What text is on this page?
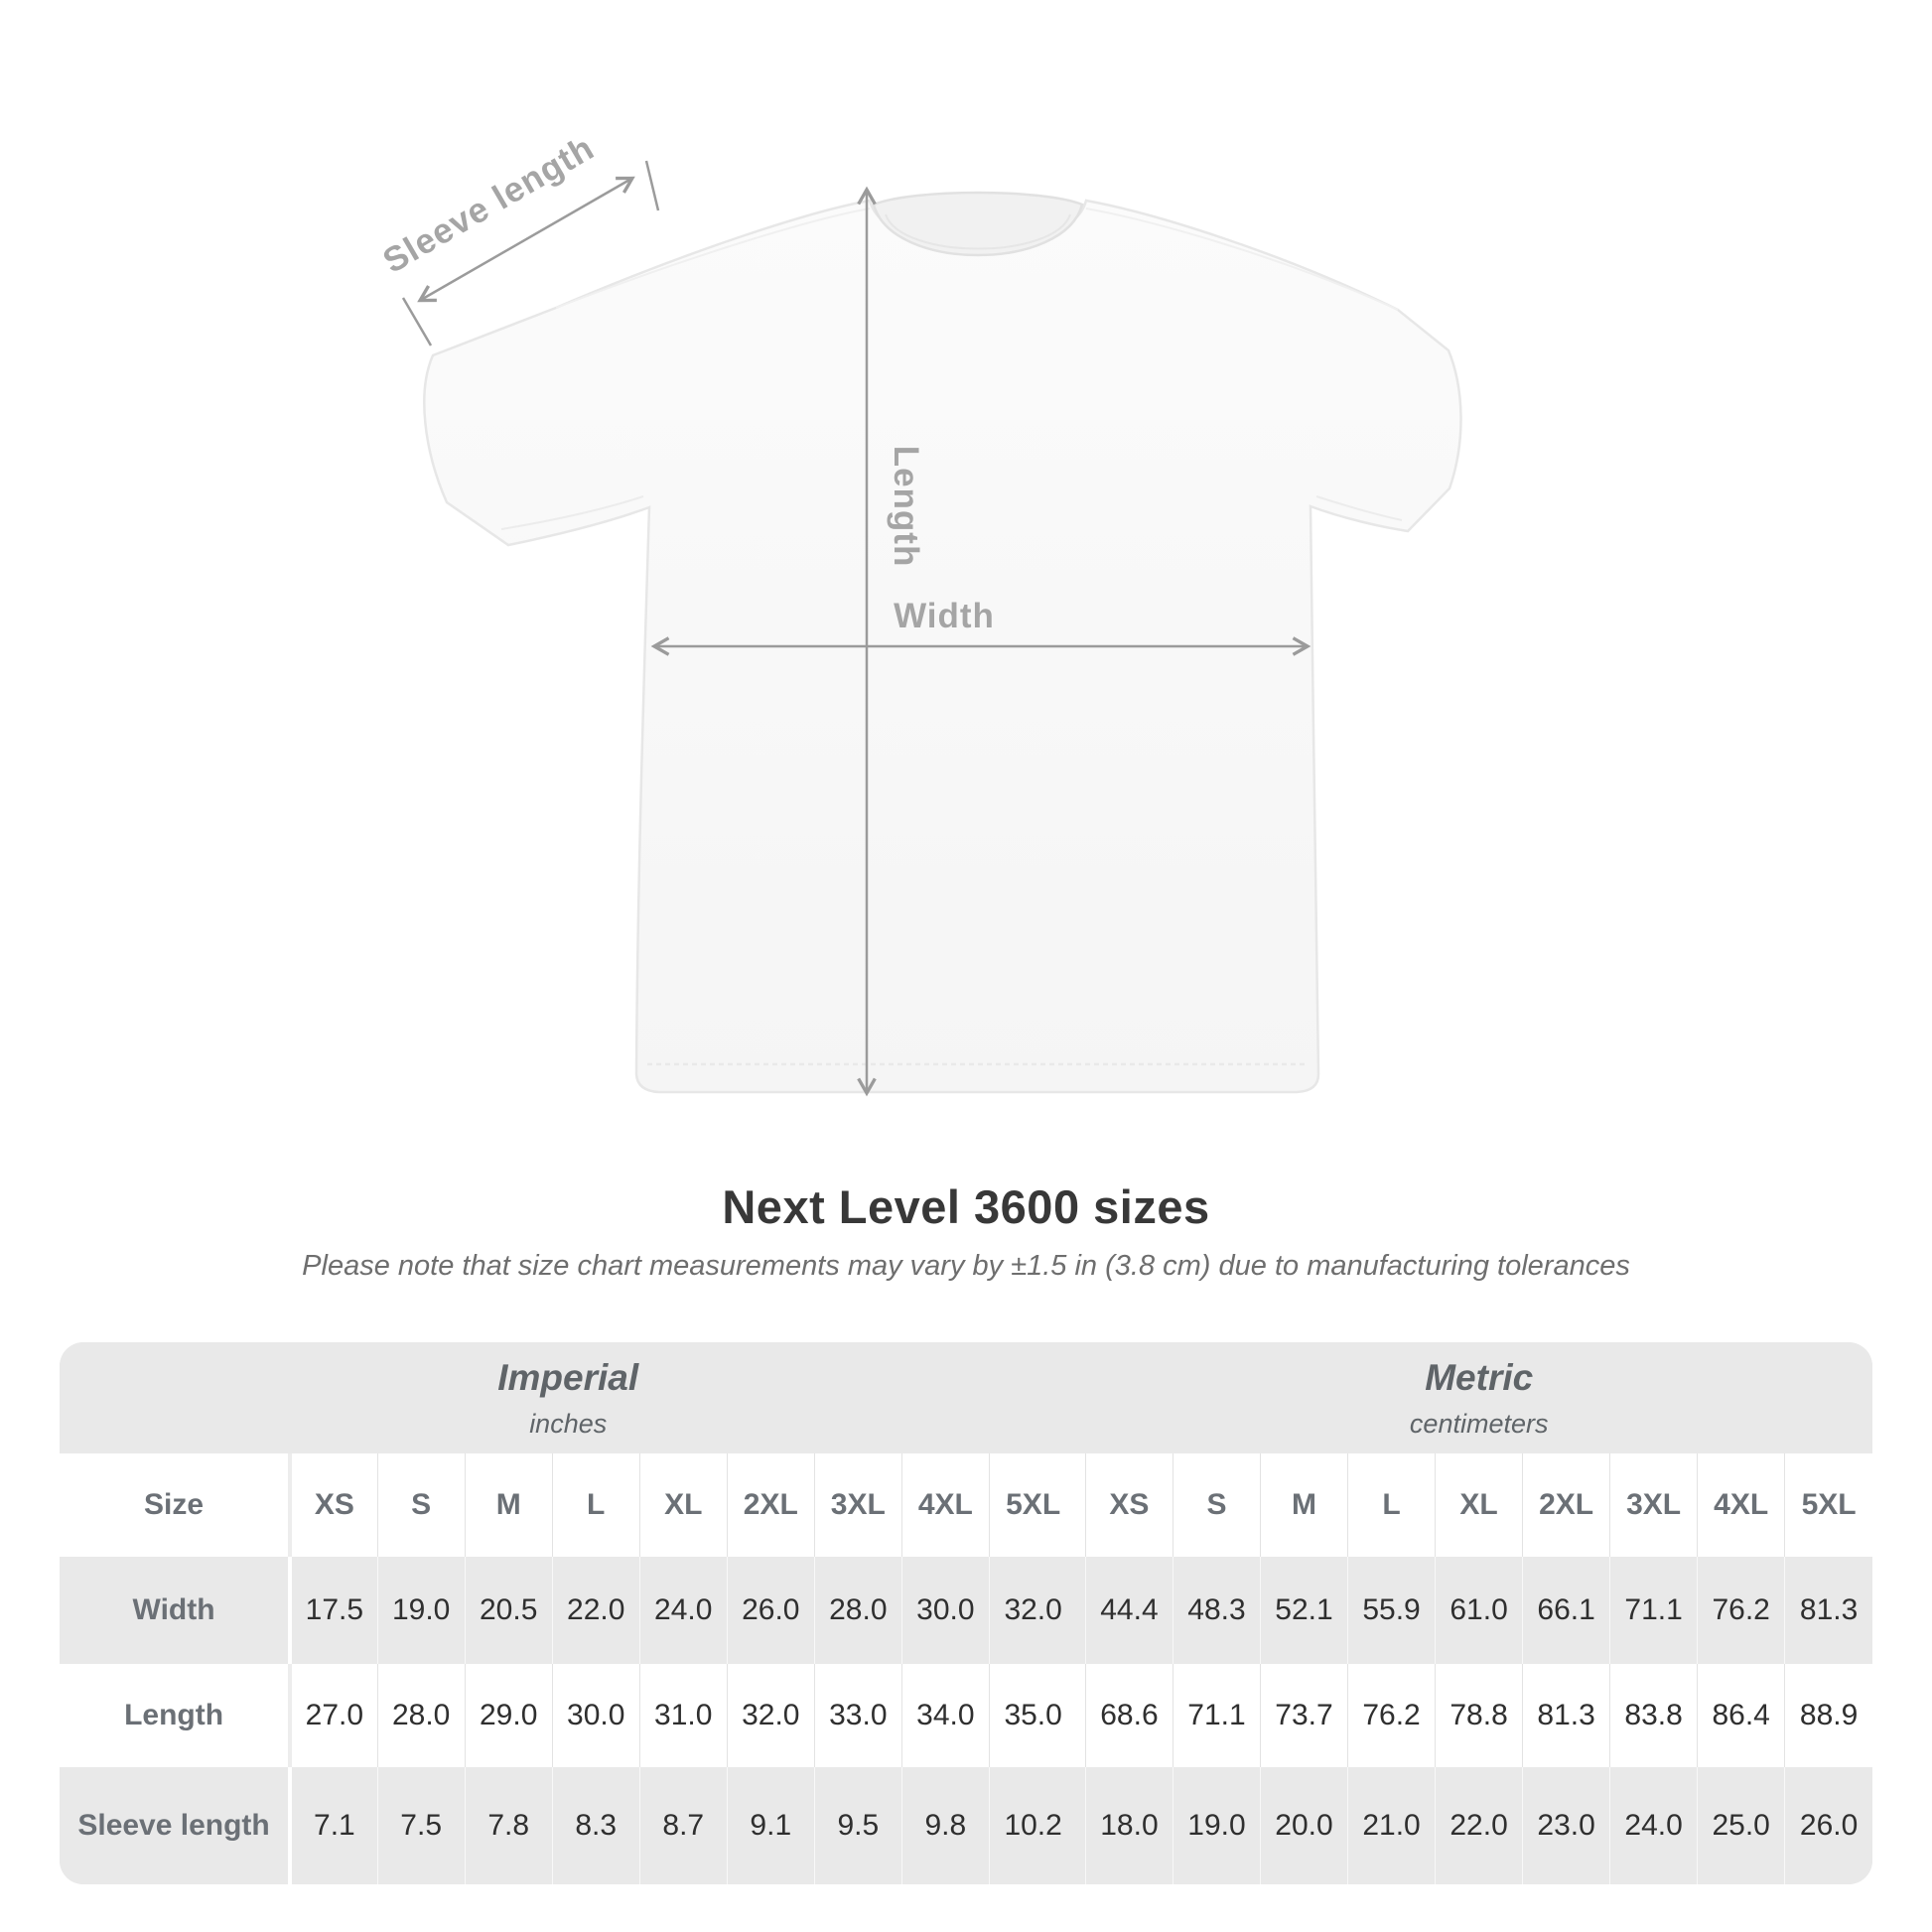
Length
Width
Sleeve length
Next Level 3600 sizes

Please note that size chart measurements may vary by ±1.5 in (3.8 cm) due to manufacturing tolerances

Imperial
inches

Metric
centimeters

Size	XS	S	M	L	XL	2XL	3XL	4XL	5XL		XS	S	M	L	XL	2XL	3XL	4XL	5XL
Width	17.5	19.0	20.5	22.0	24.0	26.0	28.0	30.0	32.0		44.4	48.3	52.1	55.9	61.0	66.1	71.1	76.2	81.3
Length	27.0	28.0	29.0	30.0	31.0	32.0	33.0	34.0	35.0		68.6	71.1	73.7	76.2	78.8	81.3	83.8	86.4	88.9
Sleeve length	7.1	7.5	7.8	8.3	8.7	9.1	9.5	9.8	10.2		18.0	19.0	20.0	21.0	22.0	23.0	24.0	25.0	26.0
